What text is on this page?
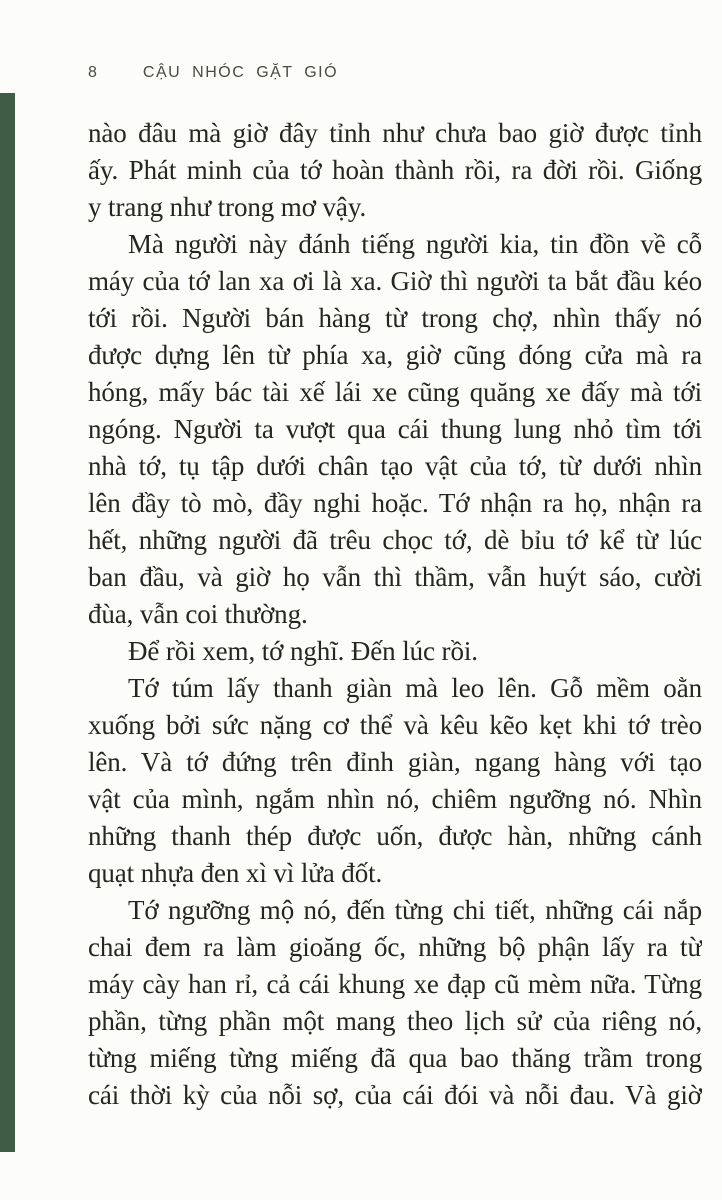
8	CẬU NHÓC GẶT GIÓ
nào đâu mà giờ đây tỉnh như chưa bao giờ được tỉnh
ấy. Phát minh của tớ hoàn thành rồi, ra đời rồi. Giống
y trang như trong mơ vậy.
Mà người này đánh tiếng người kia, tin đồn về cỗ
máy của tớ lan xa ơi là xa. Giờ thì người ta bắt đầu kéo
tới rồi. Người bán hàng từ trong chợ, nhìn thấy nó
được dựng lên từ phía xa, giờ cũng đóng cửa mà ra
hóng, mấy bác tài xế lái xe cũng quăng xe đấy mà tới
ngóng. Người ta vượt qua cái thung lung nhỏ tìm tới
nhà tớ, tụ tập dưới chân tạo vật của tớ, từ dưới nhìn
lên đầy tò mò, đầy nghi hoặc. Tớ nhận ra họ, nhận ra
hết, những người đã trêu chọc tớ, dè bỉu tớ kể từ lúc
ban đầu, và giờ họ vẫn thì thầm, vẫn huýt sáo, cười
đùa, vẫn coi thường.
Để rồi xem, tớ nghĩ. Đến lúc rồi.
Tớ túm lấy thanh giàn mà leo lên. Gỗ mềm oằn
xuống bởi sức nặng cơ thể và kêu kẽo kẹt khi tớ trèo
lên. Và tớ đứng trên đỉnh giàn, ngang hàng với tạo
vật của mình, ngắm nhìn nó, chiêm ngưỡng nó. Nhìn
những thanh thép được uốn, được hàn, những cánh
quạt nhựa đen xì vì lửa đốt.
Tớ ngưỡng mộ nó, đến từng chi tiết, những cái nắp
chai đem ra làm gioăng ốc, những bộ phận lấy ra từ
máy cày han rỉ, cả cái khung xe đạp cũ mèm nữa. Từng
phần, từng phần một mang theo lịch sử của riêng nó,
từng miếng từng miếng đã qua bao thăng trầm trong
cái thời kỳ của nỗi sợ, của cái đói và nỗi đau. Và giờ
